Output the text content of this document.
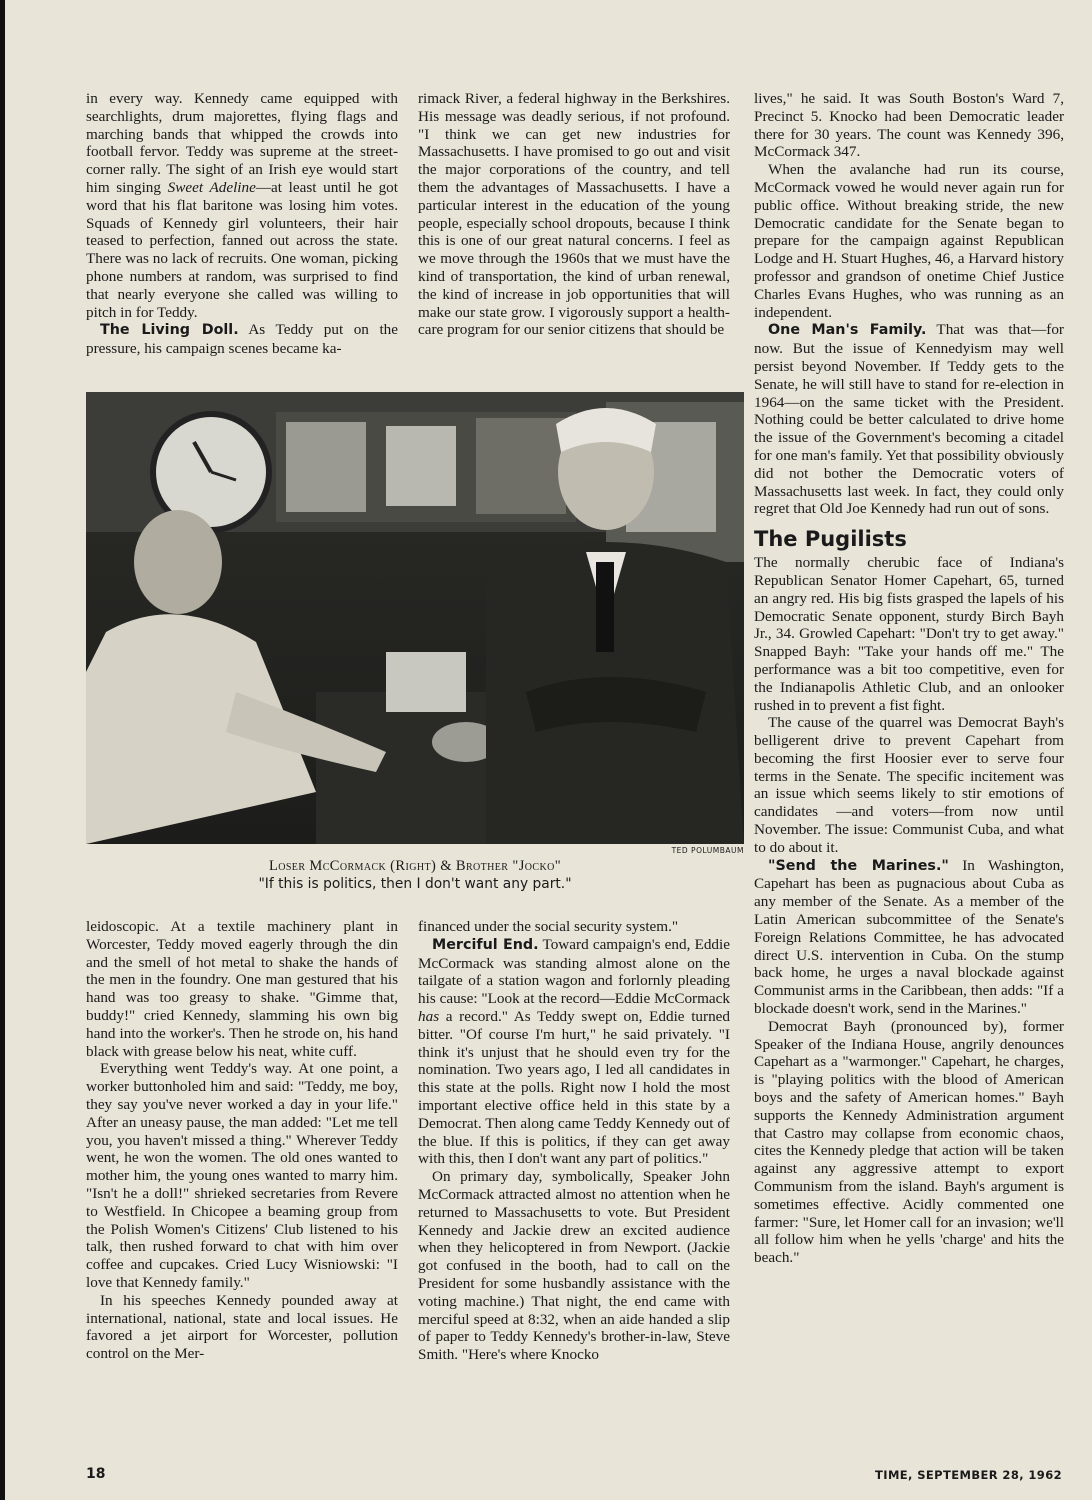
in every way. Kennedy came equipped with searchlights, drum majorettes, flying flags and marching bands that whipped the crowds into football fervor. Teddy was supreme at the street-corner rally. The sight of an Irish eye would start him singing Sweet Adeline—at least until he got word that his flat baritone was losing him votes. Squads of Kennedy girl volunteers, their hair teased to perfection, fanned out across the state. There was no lack of recruits. One woman, picking phone numbers at random, was surprised to find that nearly everyone she called was willing to pitch in for Teddy.

The Living Doll. As Teddy put on the pressure, his campaign scenes became ka-

rimack River, a federal highway in the Berkshires. His message was deadly serious, if not profound. "I think we can get new industries for Massachusetts. I have promised to go out and visit the major corporations of the country, and tell them the advantages of Massachusetts. I have a particular interest in the education of the young people, especially school dropouts, because I think this is one of our great natural concerns. I feel as we move through the 1960s that we must have the kind of transportation, the kind of urban renewal, the kind of increase in job opportunities that will make our state grow. I vigorously support a health-care program for our senior citizens that should be

TED POLUMBAUM
Loser McCormack (Right) & Brother "Jocko"
"If this is politics, then I don't want any part."

leidoscopic. At a textile machinery plant in Worcester, Teddy moved eagerly through the din and the smell of hot metal to shake the hands of the men in the foundry. One man gestured that his hand was too greasy to shake. "Gimme that, buddy!" cried Kennedy, slamming his own big hand into the worker's. Then he strode on, his hand black with grease below his neat, white cuff.

Everything went Teddy's way. At one point, a worker buttonholed him and said: "Teddy, me boy, they say you've never worked a day in your life." After an uneasy pause, the man added: "Let me tell you, you haven't missed a thing." Wherever Teddy went, he won the women. The old ones wanted to mother him, the young ones wanted to marry him. "Isn't he a doll!" shrieked secretaries from Revere to Westfield. In Chicopee a beaming group from the Polish Women's Citizens' Club listened to his talk, then rushed forward to chat with him over coffee and cupcakes. Cried Lucy Wisniowski: "I love that Kennedy family."

In his speeches Kennedy pounded away at international, national, state and local issues. He favored a jet airport for Worcester, pollution control on the Mer-

financed under the social security system."

Merciful End. Toward campaign's end, Eddie McCormack was standing almost alone on the tailgate of a station wagon and forlornly pleading his cause: "Look at the record—Eddie McCormack has a record." As Teddy swept on, Eddie turned bitter. "Of course I'm hurt," he said privately. "I think it's unjust that he should even try for the nomination. Two years ago, I led all candidates in this state at the polls. Right now I hold the most important elective office held in this state by a Democrat. Then along came Teddy Kennedy out of the blue. If this is politics, if they can get away with this, then I don't want any part of politics."

On primary day, symbolically, Speaker John McCormack attracted almost no attention when he returned to Massachusetts to vote. But President Kennedy and Jackie drew an excited audience when they helicoptered in from Newport. (Jackie got confused in the booth, had to call on the President for some husbandly assistance with the voting machine.) That night, the end came with merciful speed at 8:32, when an aide handed a slip of paper to Teddy Kennedy's brother-in-law, Steve Smith. "Here's where Knocko

lives," he said. It was South Boston's Ward 7, Precinct 5. Knocko had been Democratic leader there for 30 years. The count was Kennedy 396, McCormack 347.

When the avalanche had run its course, McCormack vowed he would never again run for public office. Without breaking stride, the new Democratic candidate for the Senate began to prepare for the campaign against Republican Lodge and H. Stuart Hughes, 46, a Harvard history professor and grandson of onetime Chief Justice Charles Evans Hughes, who was running as an independent.

One Man's Family. That was that—for now. But the issue of Kennedyism may well persist beyond November. If Teddy gets to the Senate, he will still have to stand for re-election in 1964—on the same ticket with the President. Nothing could be better calculated to drive home the issue of the Government's becoming a citadel for one man's family. Yet that possibility obviously did not bother the Democratic voters of Massachusetts last week. In fact, they could only regret that Old Joe Kennedy had run out of sons.

The Pugilists

The normally cherubic face of Indiana's Republican Senator Homer Capehart, 65, turned an angry red. His big fists grasped the lapels of his Democratic Senate opponent, sturdy Birch Bayh Jr., 34. Growled Capehart: "Don't try to get away." Snapped Bayh: "Take your hands off me." The performance was a bit too competitive, even for the Indianapolis Athletic Club, and an onlooker rushed in to prevent a fist fight.

The cause of the quarrel was Democrat Bayh's belligerent drive to prevent Capehart from becoming the first Hoosier ever to serve four terms in the Senate. The specific incitement was an issue which seems likely to stir emotions of candidates —and voters—from now until November. The issue: Communist Cuba, and what to do about it.

"Send the Marines." In Washington, Capehart has been as pugnacious about Cuba as any member of the Senate. As a member of the Latin American subcommittee of the Senate's Foreign Relations Committee, he has advocated direct U.S. intervention in Cuba. On the stump back home, he urges a naval blockade against Communist arms in the Caribbean, then adds: "If a blockade doesn't work, send in the Marines."

Democrat Bayh (pronounced by), former Speaker of the Indiana House, angrily denounces Capehart as a "warmonger." Capehart, he charges, is "playing politics with the blood of American boys and the safety of American homes." Bayh supports the Kennedy Administration argument that Castro may collapse from economic chaos, cites the Kennedy pledge that action will be taken against any aggressive attempt to export Communism from the island. Bayh's argument is sometimes effective. Acidly commented one farmer: "Sure, let Homer call for an invasion; we'll all follow him when he yells 'charge' and hits the beach."

18	TIME, SEPTEMBER 28, 1962
